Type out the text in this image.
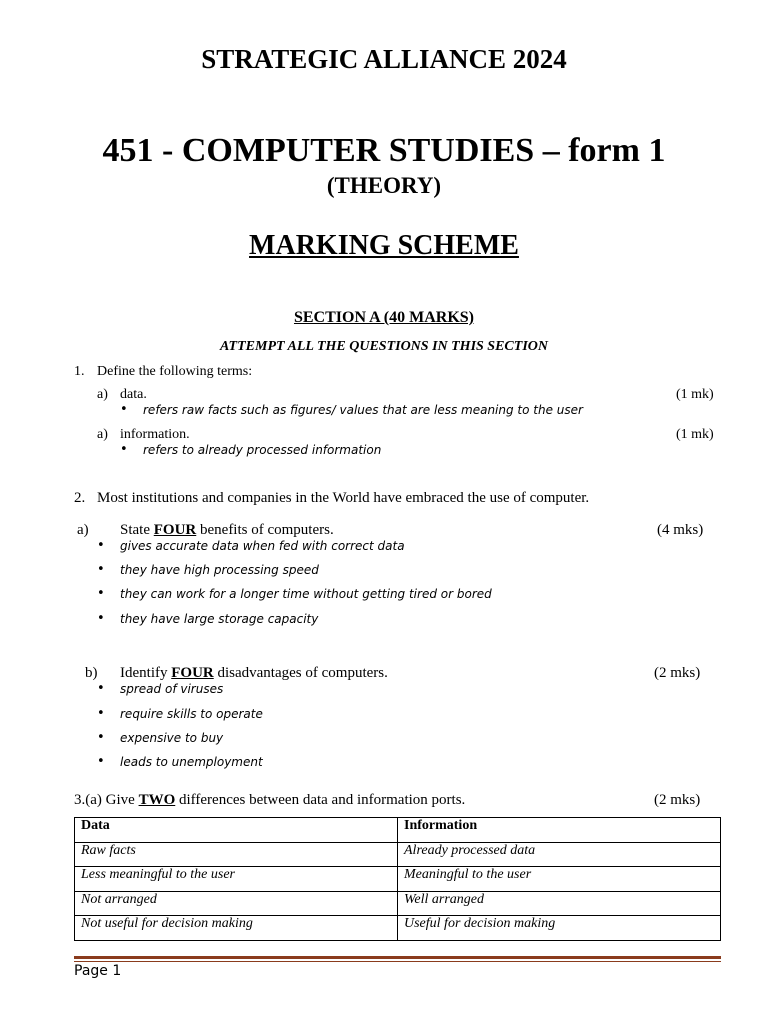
STRATEGIC ALLIANCE 2024
451 - COMPUTER STUDIES – form 1
(THEORY)
MARKING SCHEME
SECTION A (40 MARKS)
ATTEMPT ALL THE QUESTIONS IN THIS SECTION
1. Define the following terms:
a) data.	(1 mk)
• refers raw facts such as figures/ values that are less meaning to the user
a) information.	(1 mk)
• refers to already processed information
2. Most institutions and companies in the World have embraced the use of computer.
a) State FOUR benefits of computers.	(4 mks)
• gives accurate data when fed with correct data
• they have high processing speed
• they can work for a longer time without getting tired or bored
• they have large storage capacity
b) Identify FOUR disadvantages of computers.	(2 mks)
• spread of viruses
• require skills to operate
• expensive to buy
• leads to unemployment
3.(a) Give TWO differences between data and information ports.	(2 mks)
Data	Information
Raw facts	Already processed data
Less meaningful to the user	Meaningful to the user
Not arranged	Well arranged
Not useful for decision making	Useful for decision making
Page 1
